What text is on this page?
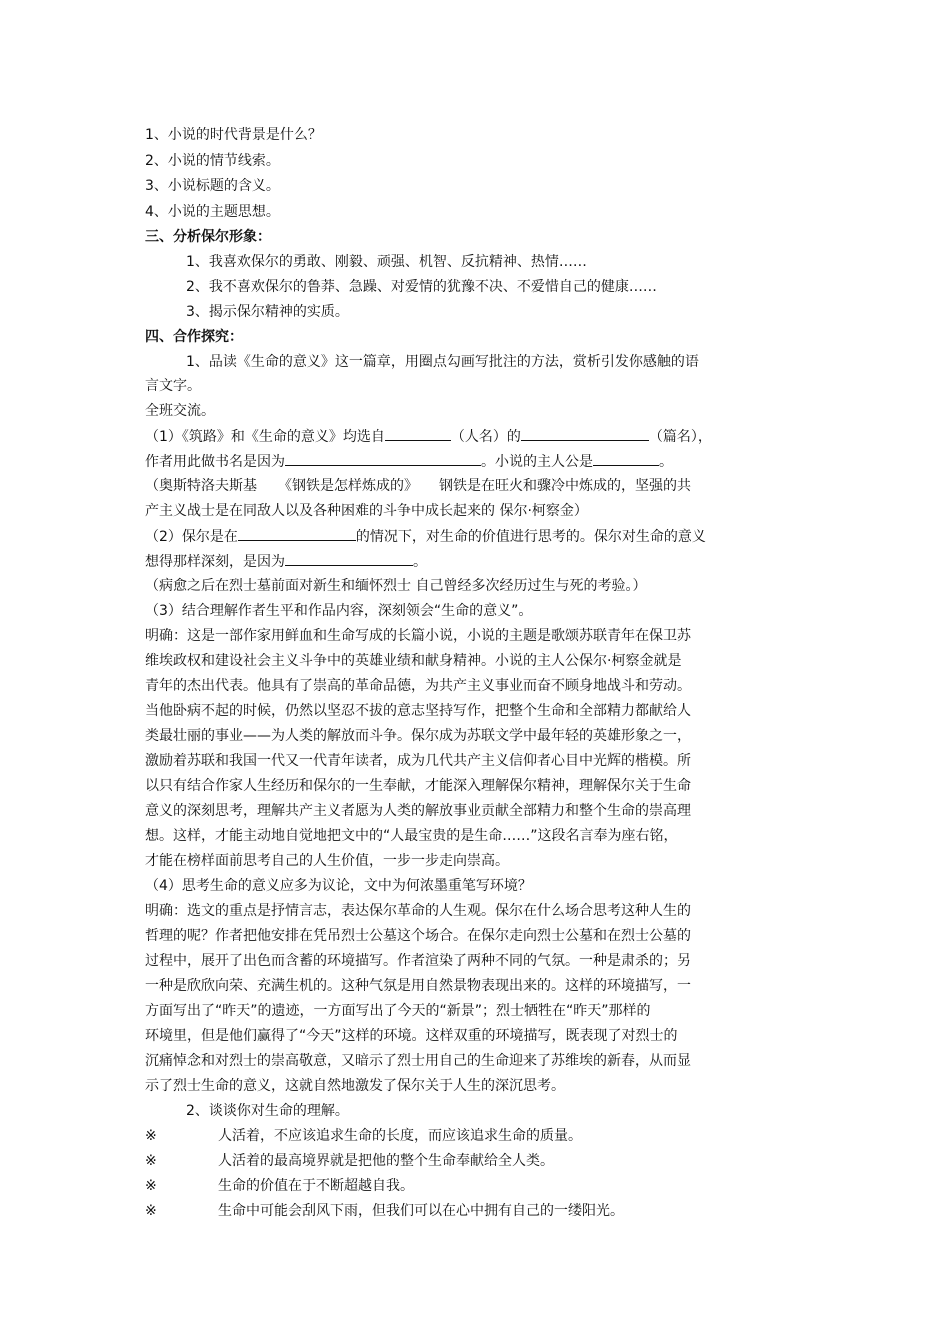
1、小说的时代背景是什么？
2、小说的情节线索。
3、小说标题的含义。
4、小说的主题思想。
三、分析保尔形象：
1、我喜欢保尔的勇敢、刚毅、顽强、机智、反抗精神、热情……
2、我不喜欢保尔的鲁莽、急躁、对爱情的犹豫不决、不爱惜自己的健康……
3、揭示保尔精神的实质。
四、合作探究：
1、品读《生命的意义》这一篇章，用圈点勾画写批注的方法，赏析引发你感触的语
言文字。
全班交流。
（1）《筑路》和《生命的意义》均选自	（人名）的	（篇名），
作者用此做书名是因为	。小说的主人公是	。
（奥斯特洛夫斯基　　《钢铁是怎样炼成的》　　钢铁是在旺火和骤冷中炼成的，坚强的共
产主义战士是在同敌人以及各种困难的斗争中成长起来的 保尔·柯察金）
（2）保尔是在	的情况下，对生命的价值进行思考的。保尔对生命的意义
想得那样深刻，是因为	。
（病愈之后在烈士墓前面对新生和缅怀烈士 自己曾经多次经历过生与死的考验。）
（3）结合理解作者生平和作品内容，深刻领会“生命的意义”。
明确：这是一部作家用鲜血和生命写成的长篇小说，小说的主题是歌颂苏联青年在保卫苏
维埃政权和建设社会主义斗争中的英雄业绩和献身精神。小说的主人公保尔·柯察金就是
青年的杰出代表。他具有了崇高的革命品德，为共产主义事业而奋不顾身地战斗和劳动。
当他卧病不起的时候，仍然以坚忍不拔的意志坚持写作，把整个生命和全部精力都献给人
类最壮丽的事业——为人类的解放而斗争。保尔成为苏联文学中最年轻的英雄形象之一，
激励着苏联和我国一代又一代青年读者，成为几代共产主义信仰者心目中光辉的楷模。所
以只有结合作家人生经历和保尔的一生奉献，才能深入理解保尔精神，理解保尔关于生命
意义的深刻思考，理解共产主义者愿为人类的解放事业贡献全部精力和整个生命的崇高理
想。这样，才能主动地自觉地把文中的“人最宝贵的是生命……”这段名言奉为座右铭，
才能在榜样面前思考自己的人生价值，一步一步走向崇高。
（4）思考生命的意义应多为议论，文中为何浓墨重笔写环境？
明确：选文的重点是抒情言志，表达保尔革命的人生观。保尔在什么场合思考这种人生的
哲理的呢？作者把他安排在凭吊烈士公墓这个场合。在保尔走向烈士公墓和在烈士公墓的
过程中，展开了出色而含蓄的环境描写。作者渲染了两种不同的气氛。一种是肃杀的；另
一种是欣欣向荣、充满生机的。这种气氛是用自然景物表现出来的。这样的环境描写，一
方面写出了“昨天”的遗迹，一方面写出了今天的“新景”；烈士牺牲在“昨天”那样的
环境里，但是他们赢得了“今天”这样的环境。这样双重的环境描写，既表现了对烈士的
沉痛悼念和对烈士的崇高敬意，又暗示了烈士用自己的生命迎来了苏维埃的新春，从而显
示了烈士生命的意义，这就自然地激发了保尔关于人生的深沉思考。
2、谈谈你对生命的理解。
※	人活着，不应该追求生命的长度，而应该追求生命的质量。
※	人活着的最高境界就是把他的整个生命奉献给全人类。
※	生命的价值在于不断超越自我。
※	生命中可能会刮风下雨，但我们可以在心中拥有自己的一缕阳光。
